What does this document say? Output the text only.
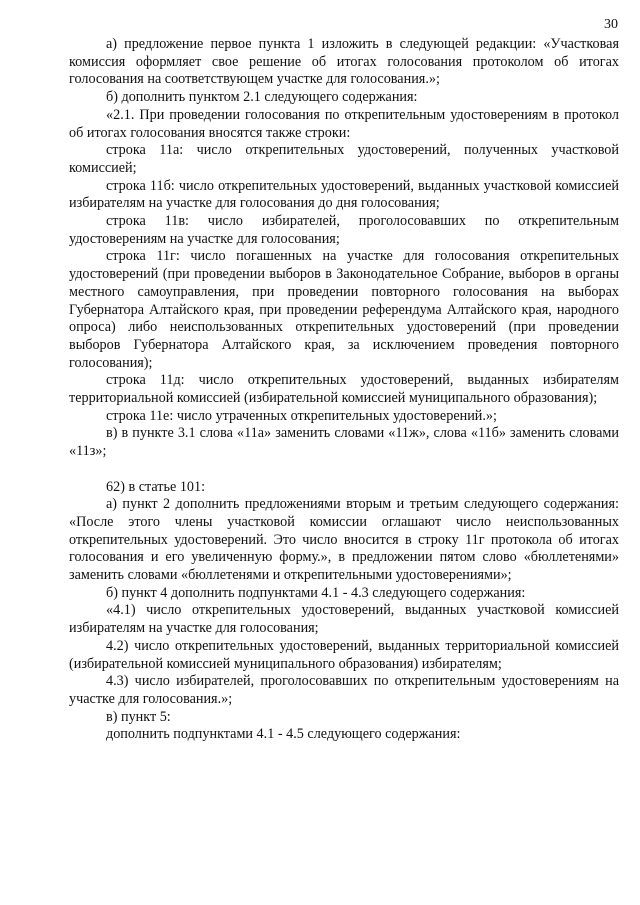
30

а) предложение первое пункта 1 изложить в следующей редакции: «Участковая комиссия оформляет свое решение об итогах голосования протоколом об итогах голосования на соответствующем участке для голосования.»;

б) дополнить пунктом 2.1 следующего содержания:

«2.1. При проведении голосования по открепительным удостоверениям в протокол об итогах голосования вносятся также строки:

строка 11а: число открепительных удостоверений, полученных участковой комиссией;

строка 11б: число открепительных удостоверений, выданных участковой комиссией избирателям на участке для голосования до дня голосования;

строка 11в: число избирателей, проголосовавших по открепительным удостоверениям на участке для голосования;

строка 11г: число погашенных на участке для голосования открепительных удостоверений (при проведении выборов в Законодательное Собрание, выборов в органы местного самоуправления, при проведении повторного голосования на выборах Губернатора Алтайского края, при проведении референдума Алтайского края, народного опроса) либо неиспользованных открепительных удостоверений (при проведении выборов Губернатора Алтайского края, за исключением проведения повторного голосования);

строка 11д: число открепительных удостоверений, выданных избирателям территориальной комиссией (избирательной комиссией муниципального образования);

строка 11е: число утраченных открепительных удостоверений.»;

в) в пункте 3.1 слова «11а» заменить словами «11ж», слова «11б» заменить словами «11з»;

62) в статье 101:

а) пункт 2 дополнить предложениями вторым и третьим следующего содержания: «После этого члены участковой комиссии оглашают число неиспользованных открепительных удостоверений. Это число вносится в строку 11г протокола об итогах голосования и его увеличенную форму.», в предложении пятом слово «бюллетенями» заменить словами «бюллетенями и открепительными удостоверениями»;

б) пункт 4 дополнить подпунктами 4.1 - 4.3 следующего содержания:

«4.1) число открепительных удостоверений, выданных участковой комиссией избирателям на участке для голосования;

4.2) число открепительных удостоверений, выданных территориальной комиссией (избирательной комиссией муниципального образования) избирателям;

4.3) число избирателей, проголосовавших по открепительным удостоверениям на участке для голосования.»;

в) пункт 5:

дополнить подпунктами 4.1 - 4.5 следующего содержания:
